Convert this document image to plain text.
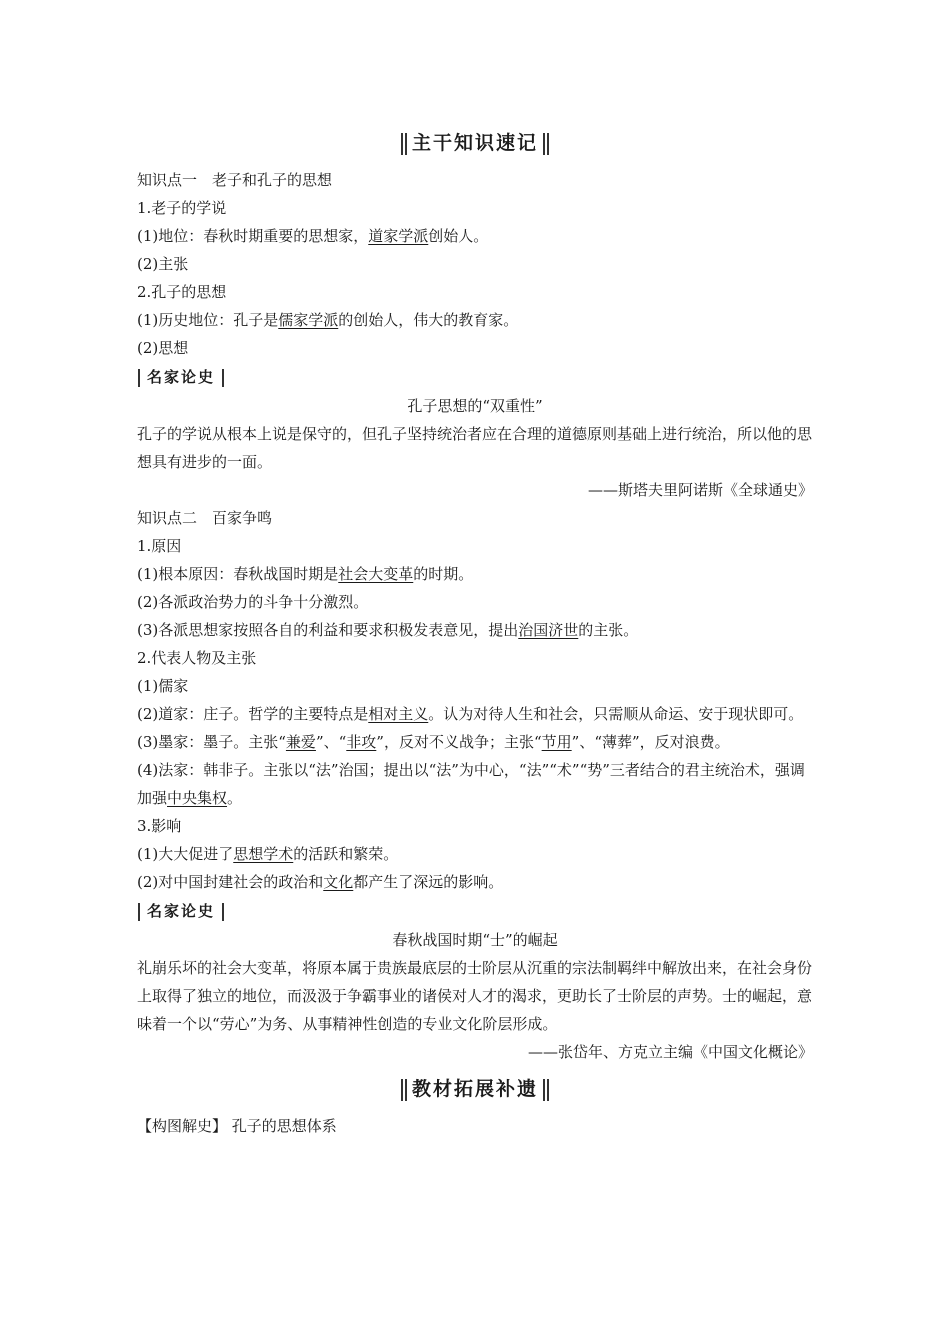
主干知识速记
知识点一　老子和孔子的思想
1.老子的学说
(1)地位：春秋时期重要的思想家，道家学派创始人。
(2)主张
2.孔子的思想
(1)历史地位：孔子是儒家学派的创始人，伟大的教育家。
(2)思想
名家论史
孔子思想的“双重性”
孔子的学说从根本上说是保守的，但孔子坚持统治者应在合理的道德原则基础上进行统治，所以他的思想具有进步的一面。
——斯塔夫里阿诺斯《全球通史》
知识点二　百家争鸣
1.原因
(1)根本原因：春秋战国时期是社会大变革的时期。
(2)各派政治势力的斗争十分激烈。
(3)各派思想家按照各自的利益和要求积极发表意见，提出治国济世的主张。
2.代表人物及主张
(1)儒家
(2)道家：庄子。哲学的主要特点是相对主义。认为对待人生和社会，只需顺从命运、安于现状即可。
(3)墨家：墨子。主张“兼爱”、“非攻”，反对不义战争；主张“节用”、“薄葬”，反对浪费。
(4)法家：韩非子。主张以“法”治国；提出以“法”为中心，“法”“术”“势”三者结合的君主统治术，强调加强中央集权。
3.影响
(1)大大促进了思想学术的活跃和繁荣。
(2)对中国封建社会的政治和文化都产生了深远的影响。
名家论史
春秋战国时期“士”的崛起
礼崩乐坏的社会大变革，将原本属于贵族最底层的士阶层从沉重的宗法制羁绊中解放出来，在社会身份上取得了独立的地位，而汲汲于争霸事业的诸侯对人才的渴求，更助长了士阶层的声势。士的崛起，意味着一个以“劳心”为务、从事精神性创造的专业文化阶层形成。
——张岱年、方克立主编《中国文化概论》
教材拓展补遗
【构图解史】 孔子的思想体系
